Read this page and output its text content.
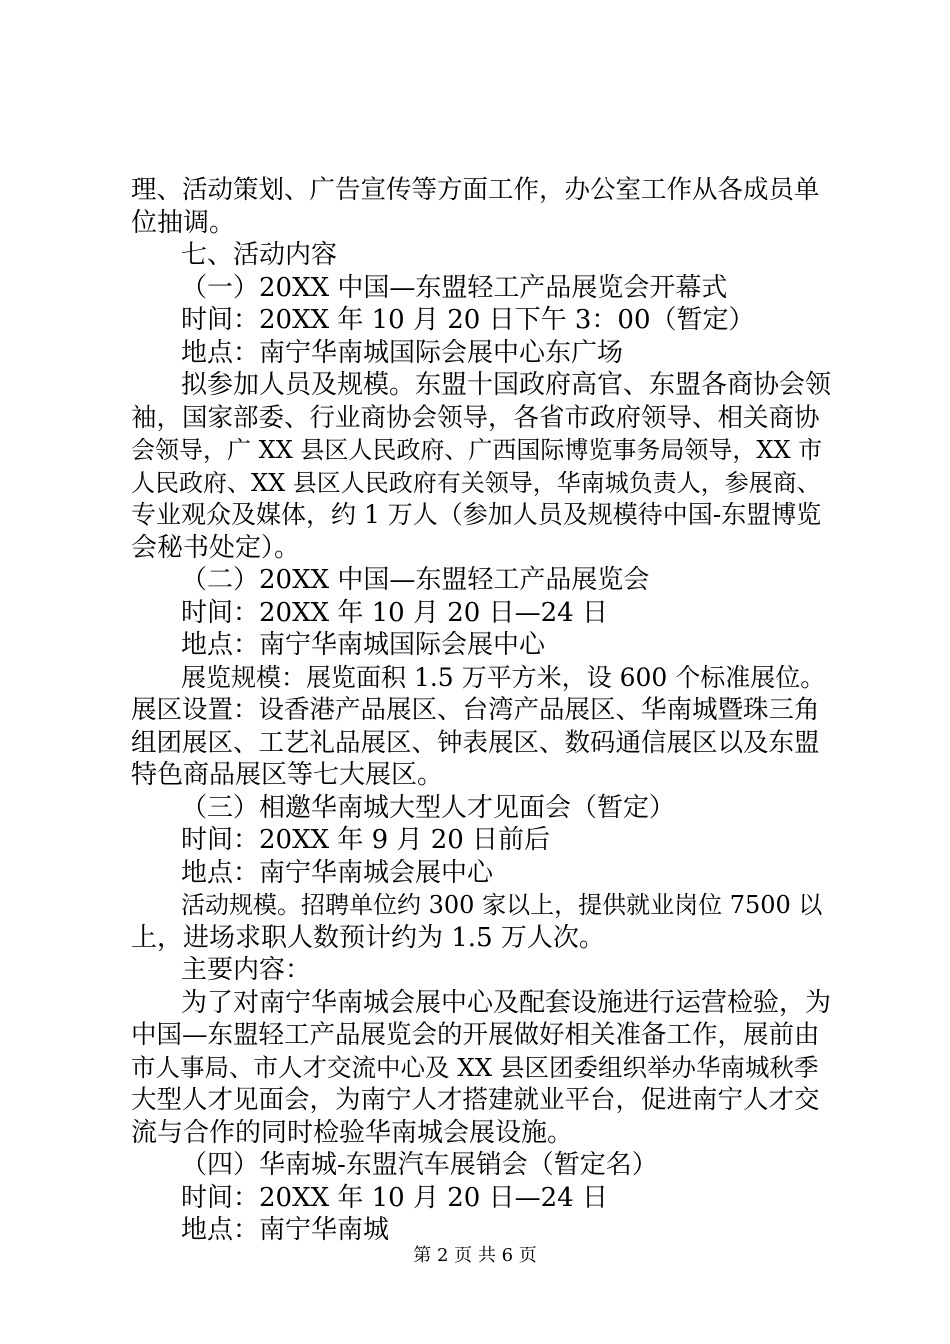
理、活动策划、广告宣传等方面工作，办公室工作从各成员单
位抽调。
七、活动内容
（一）20XX 中国—东盟轻工产品展览会开幕式
时间：20XX 年 10 月 20 日下午 3：00（暂定）
地点：南宁华南城国际会展中心东广场
拟参加人员及规模。东盟十国政府高官、东盟各商协会领
袖，国家部委、行业商协会领导，各省市政府领导、相关商协
会领导，广 XX 县区人民政府、广西国际博览事务局领导，XX 市
人民政府、XX 县区人民政府有关领导，华南城负责人，参展商、
专业观众及媒体，约 1 万人（参加人员及规模待中国-东盟博览
会秘书处定）。
（二）20XX 中国—东盟轻工产品展览会
时间：20XX 年 10 月 20 日—24 日
地点：南宁华南城国际会展中心
展览规模：展览面积 1.5 万平方米，设 600 个标准展位。
展区设置：设香港产品展区、台湾产品展区、华南城暨珠三角
组团展区、工艺礼品展区、钟表展区、数码通信展区以及东盟
特色商品展区等七大展区。
（三）相邀华南城大型人才见面会（暂定）
时间：20XX 年 9 月 20 日前后
地点：南宁华南城会展中心
活动规模。招聘单位约 300 家以上，提供就业岗位 7500 以
上，进场求职人数预计约为 1.5 万人次。
主要内容：
为了对南宁华南城会展中心及配套设施进行运营检验，为
中国—东盟轻工产品展览会的开展做好相关准备工作，展前由
市人事局、市人才交流中心及 XX 县区团委组织举办华南城秋季
大型人才见面会，为南宁人才搭建就业平台，促进南宁人才交
流与合作的同时检验华南城会展设施。
（四）华南城-东盟汽车展销会（暂定名）
时间：20XX 年 10 月 20 日—24 日
地点：南宁华南城
第 2 页 共 6 页
